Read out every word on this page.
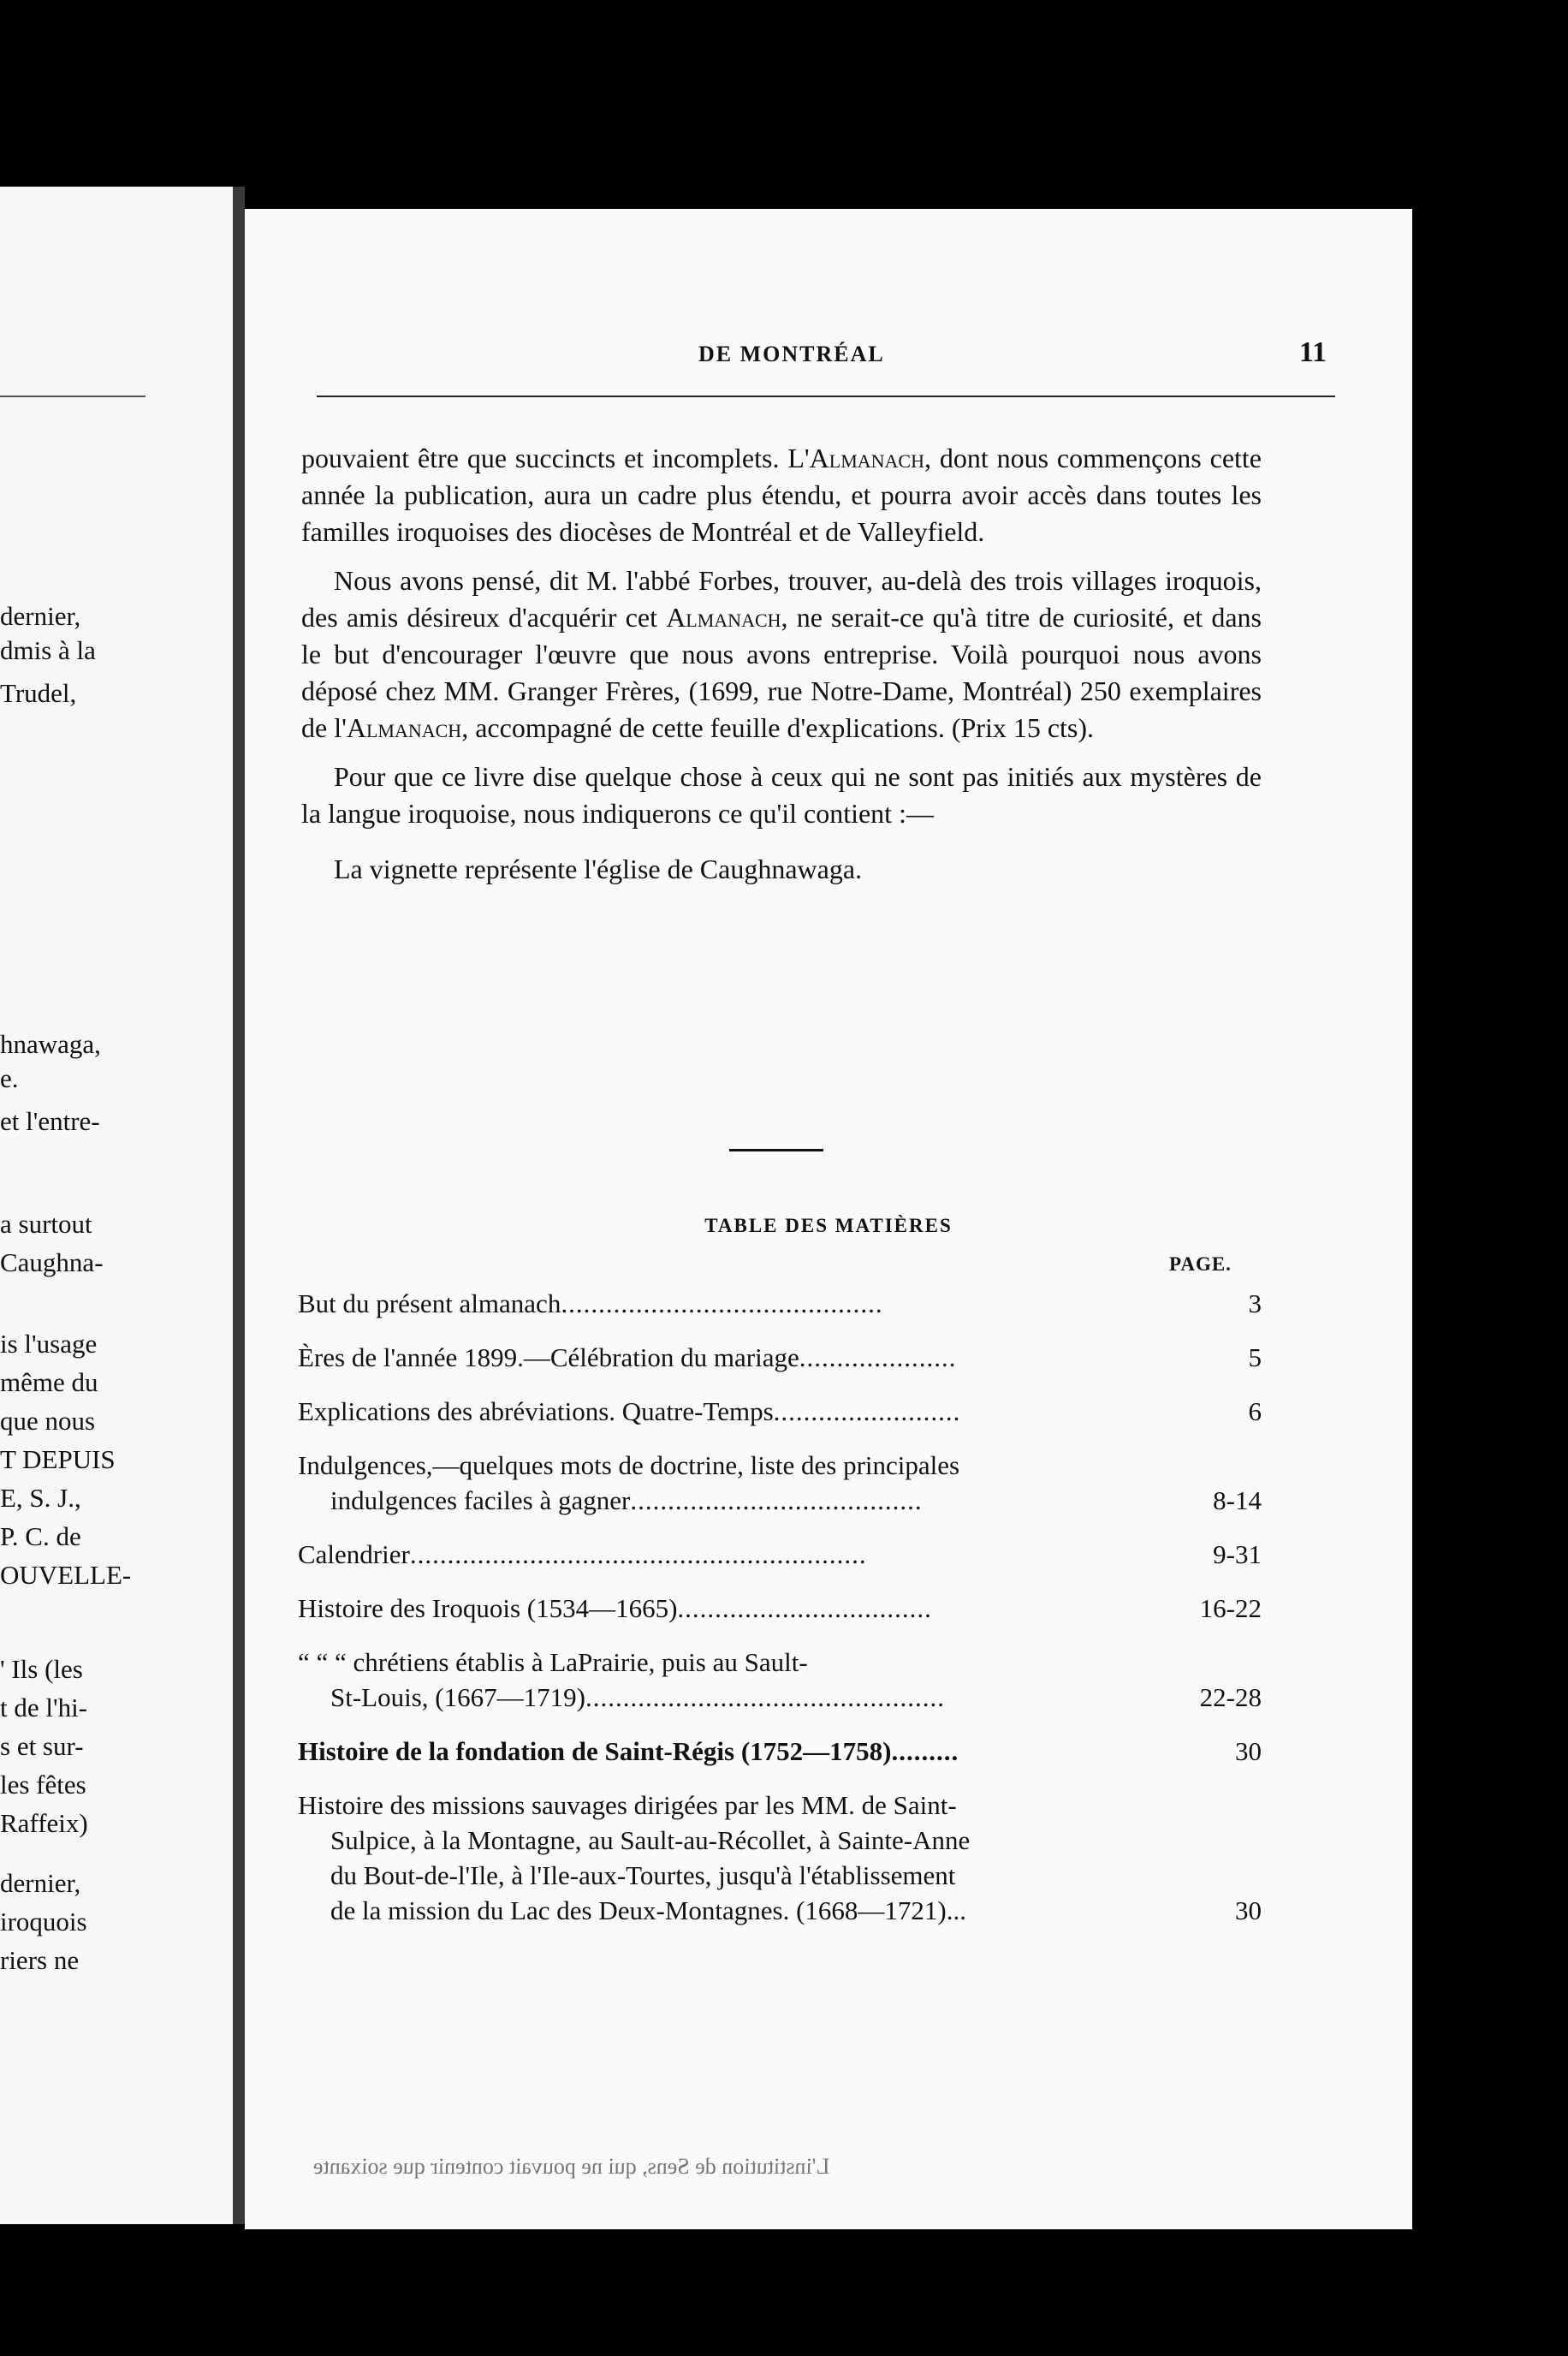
dernier,
dmis à la
Trudel,
hnawaga,
e.
et l'entre-
a surtout
Caughna-
is l'usage
même du
que nous
T DEPUIS
E, S. J.,
P. C. de
OUVELLE-
' Ils (les
t de l'hi-
s et sur-
les fêtes
Raffeix)
dernier,
iroquois
riers ne
DE MONTRÉAL	11

pouvaient être que succincts et incomplets. L'Almanach, dont nous commençons cette année la publication, aura un cadre plus étendu, et pourra avoir accès dans toutes les familles iroquoises des diocèses de Montréal et de Valleyfield.

Nous avons pensé, dit M. l'abbé Forbes, trouver, au-delà des trois villages iroquois, des amis désireux d'acquérir cet Almanach, ne serait-ce qu'à titre de curiosité, et dans le but d'encourager l'œuvre que nous avons entreprise. Voilà pourquoi nous avons déposé chez MM. Granger Frères, (1699, rue Notre-Dame, Montréal) 250 exemplaires de l'Almanach, accompagné de cette feuille d'explications. (Prix 15 cts).

Pour que ce livre dise quelque chose à ceux qui ne sont pas initiés aux mystères de la langue iroquoise, nous indiquerons ce qu'il contient :—

La vignette représente l'église de Caughnawaga.

TABLE DES MATIÈRES
PAGE.
But du présent almanach...........................................	3
Ères de l'année 1899.—Célébration du mariage.....................	5
Explications des abréviations. Quatre-Temps.........................	6
Indulgences,—quelques mots de doctrine, liste des principales
indulgences faciles à gagner.......................................	8-14
Calendrier.............................................................	9-31
Histoire des Iroquois (1534—1665)..................................	16-22
“ “ “ chrétiens établis à LaPrairie, puis au Sault-
St-Louis, (1667—1719)................................................	22-28
Histoire de la fondation de Saint-Régis (1752—1758).........	30
Histoire des missions sauvages dirigées par les MM. de Saint-
Sulpice, à la Montagne, au Sault-au-Récollet, à Sainte-Anne
du Bout-de-l'Ile, à l'Ile-aux-Tourtes, jusqu'à l'établissement
de la mission du Lac des Deux-Montagnes. (1668—1721)...	30
L'institution de Sens, qui ne pouvait contenir que soixante
